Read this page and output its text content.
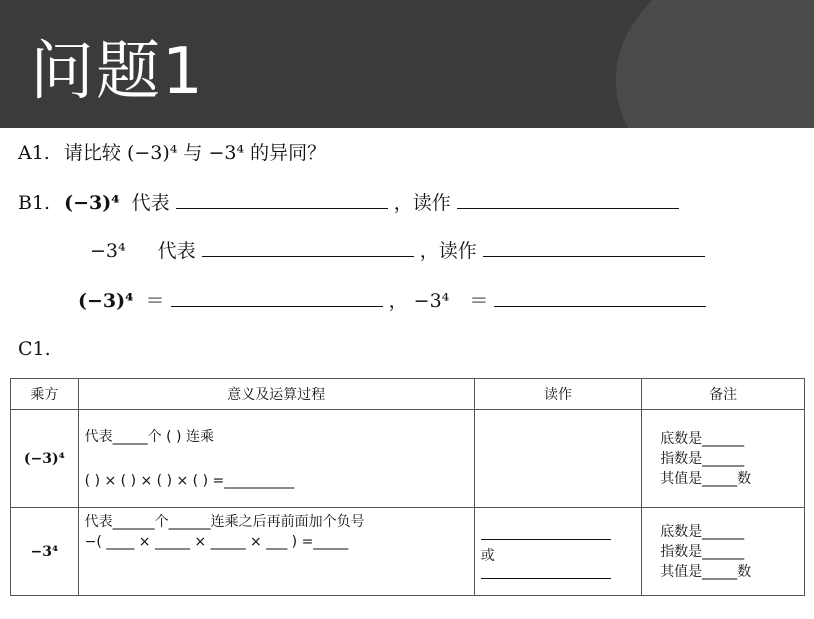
问题1
A1. 请比较 (−3)⁴ 与 −3⁴ 的异同？
B1. (−3)⁴ 代表	，读作
−3⁴ 代表	，读作
(−3)⁴ ＝	， −3⁴ ＝
C1.
乘方	意义及运算过程	读作	备注
(−3)⁴	代表_____个 ( ) 连乘
( ) × ( ) × ( ) × ( ) =__________		底数是______
指数是______
其值是_____数

−3⁴	代表______个______连乘之后再前面加个负号
−( ____ × _____ × _____ × ___ ) =_____	或	底数是______
指数是______
其值是_____数
